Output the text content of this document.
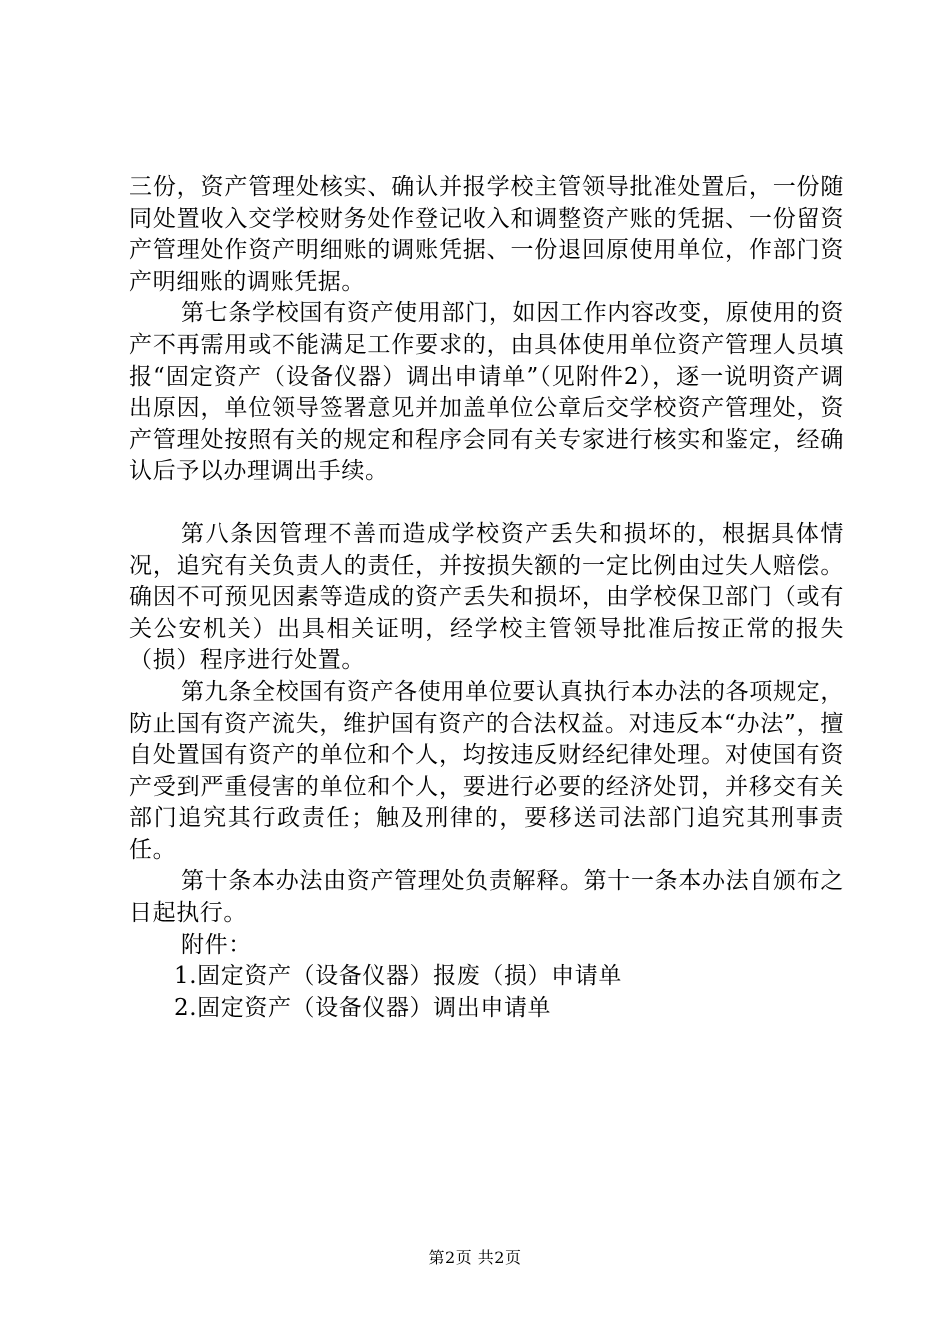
三份，资产管理处核实、确认并报学校主管领导批准处置后，一份随同处置收入交学校财务处作登记收入和调整资产账的凭据、一份留资产管理处作资产明细账的调账凭据、一份退回原使用单位，作部门资产明细账的调账凭据。

第七条学校国有资产使用部门，如因工作内容改变，原使用的资产不再需用或不能满足工作要求的，由具体使用单位资产管理人员填报“固定资产（设备仪器）调出申请单”（见附件2），逐一说明资产调出原因，单位领导签署意见并加盖单位公章后交学校资产管理处，资产管理处按照有关的规定和程序会同有关专家进行核实和鉴定，经确认后予以办理调出手续。

第八条因管理不善而造成学校资产丢失和损坏的，根据具体情况，追究有关负责人的责任，并按损失额的一定比例由过失人赔偿。确因不可预见因素等造成的资产丢失和损坏，由学校保卫部门（或有关公安机关）出具相关证明，经学校主管领导批准后按正常的报失（损）程序进行处置。

第九条全校国有资产各使用单位要认真执行本办法的各项规定，防止国有资产流失，维护国有资产的合法权益。对违反本“办法”，擅自处置国有资产的单位和个人，均按违反财经纪律处理。对使国有资产受到严重侵害的单位和个人，要进行必要的经济处罚，并移交有关部门追究其行政责任；触及刑律的，要移送司法部门追究其刑事责任。

第十条本办法由资产管理处负责解释。第十一条本办法自颁布之日起执行。

附件：

1.固定资产（设备仪器）报废（损）申请单

2.固定资产（设备仪器）调出申请单

第2页 共2页
